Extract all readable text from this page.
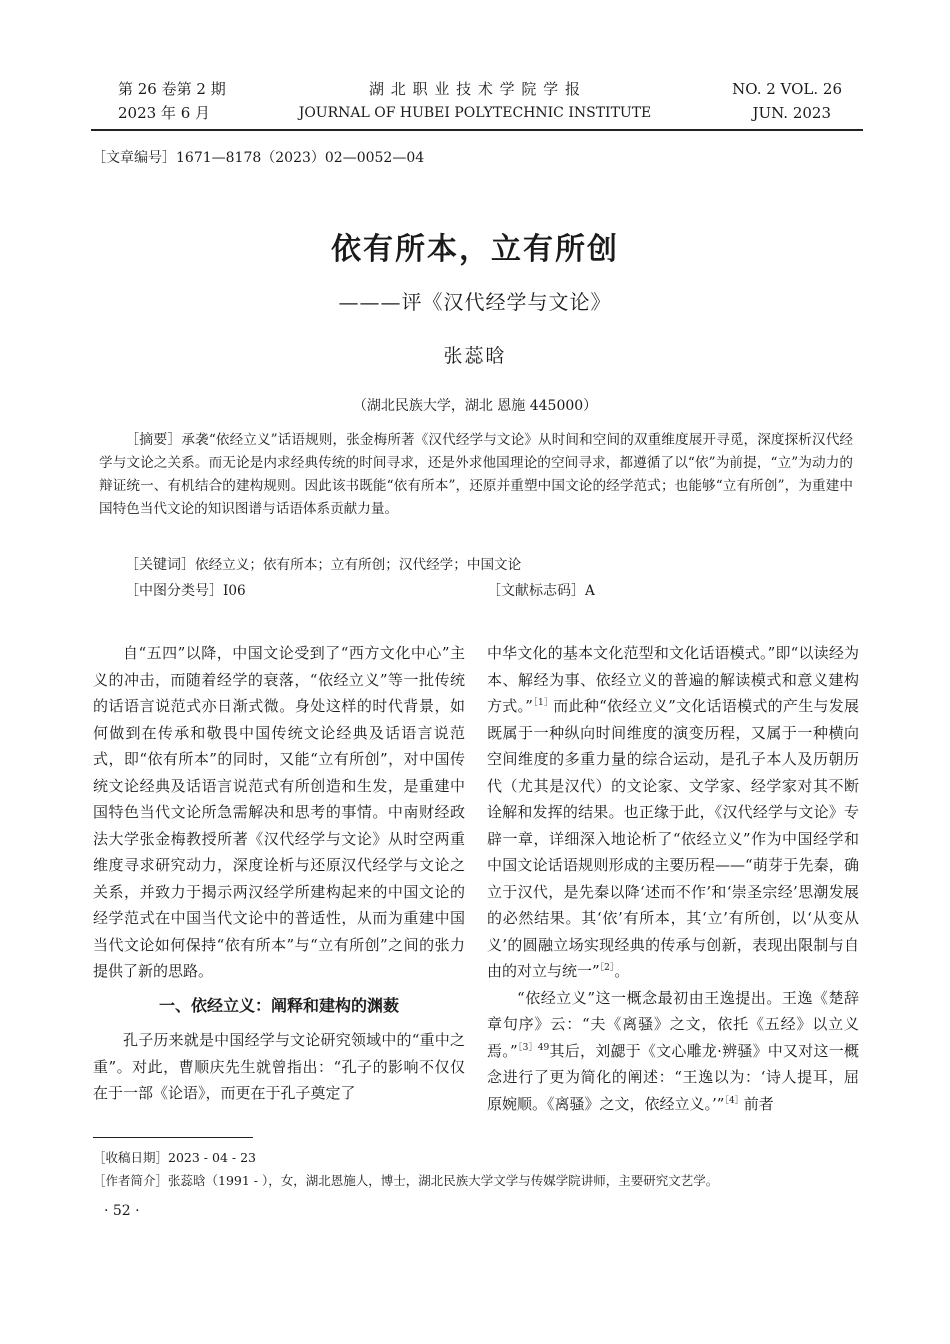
第 26 卷第 2 期
2023 年 6 月
湖 北 职 业 技 术 学 院 学 报
JOURNAL OF HUBEI POLYTECHNIC INSTITUTE
NO. 2 VOL. 26
JUN. 2023
［文章编号］1671—8178（2023）02—0052—04
依有所本，立有所创
———评《汉代经学与文论》
张蕊晗
（湖北民族大学，湖北 恩施 445000）
［摘要］承袭“依经立义”话语规则，张金梅所著《汉代经学与文论》从时间和空间的双重维度展开寻觅，深度探析汉代经学与文论之关系。而无论是内求经典传统的时间寻求，还是外求他国理论的空间寻求，都遵循了以“依”为前提，“立”为动力的辩证统一、有机结合的建构规则。因此该书既能“依有所本”，还原并重塑中国文论的经学范式；也能够“立有所创”，为重建中国特色当代文论的知识图谱与话语体系贡献力量。
［关键词］依经立义；依有所本；立有所创；汉代经学；中国文论
［中图分类号］I06	［文献标志码］A

自“五四”以降，中国文论受到了“西方文化中心”主义的冲击，而随着经学的衰落，“依经立义”等一批传统的话语言说范式亦日渐式微。身处这样的时代背景，如何做到在传承和敬畏中国传统文论经典及话语言说范式，即“依有所本”的同时，又能“立有所创”，对中国传统文论经典及话语言说范式有所创造和生发，是重建中国特色当代文论所急需解决和思考的事情。中南财经政法大学张金梅教授所著《汉代经学与文论》从时空两重维度寻求研究动力，深度诠析与还原汉代经学与文论之关系，并致力于揭示两汉经学所建构起来的中国文论的经学范式在中国当代文论中的普适性，从而为重建中国当代文论如何保持“依有所本”与“立有所创”之间的张力提供了新的思路。

一、依经立义：阐释和建构的渊薮

孔子历来就是中国经学与文论研究领域中的“重中之重”。对此，曹顺庆先生就曾指出：“孔子的影响不仅仅在于一部《论语》，而更在于孔子奠定了

中华文化的基本文化范型和文化话语模式。”即“以读经为本、解经为事、依经立义的普遍的解读模式和意义建构方式。”$^{[1]}$而此种“依经立义”文化话语模式的产生与发展既属于一种纵向时间维度的演变历程，又属于一种横向空间维度的多重力量的综合运动，是孔子本人及历朝历代（尤其是汉代）的文论家、文学家、经学家对其不断诠解和发挥的结果。也正缘于此，《汉代经学与文论》专辟一章，详细深入地论析了“依经立义”作为中国经学和中国文论话语规则形成的主要历程——“萌芽于先秦，确立于汉代，是先秦以降‘述而不作’和‘崇圣宗经’思潮发展的必然结果。其‘依’有所本，其‘立’有所创，以‘从变从义’的圆融立场实现经典的传承与创新，表现出限制与自由的对立与统一”$^{[2]}$。

“依经立义”这一概念最初由王逸提出。王逸《楚辞章句序》云：“夫《离骚》之文，依托《五经》以立义焉。”$^{[3]49}$其后，刘勰于《文心雕龙·辨骚》中又对这一概念进行了更为简化的阐述：“王逸以为：‘诗人提耳，屈原婉顺。《离骚》之文，依经立义。’”$^{[4]}$前者

［收稿日期］2023 - 04 - 23
［作者简介］张蕊晗（1991 - ），女，湖北恩施人，博士，湖北民族大学文学与传媒学院讲师，主要研究文艺学。
· 52 ·
